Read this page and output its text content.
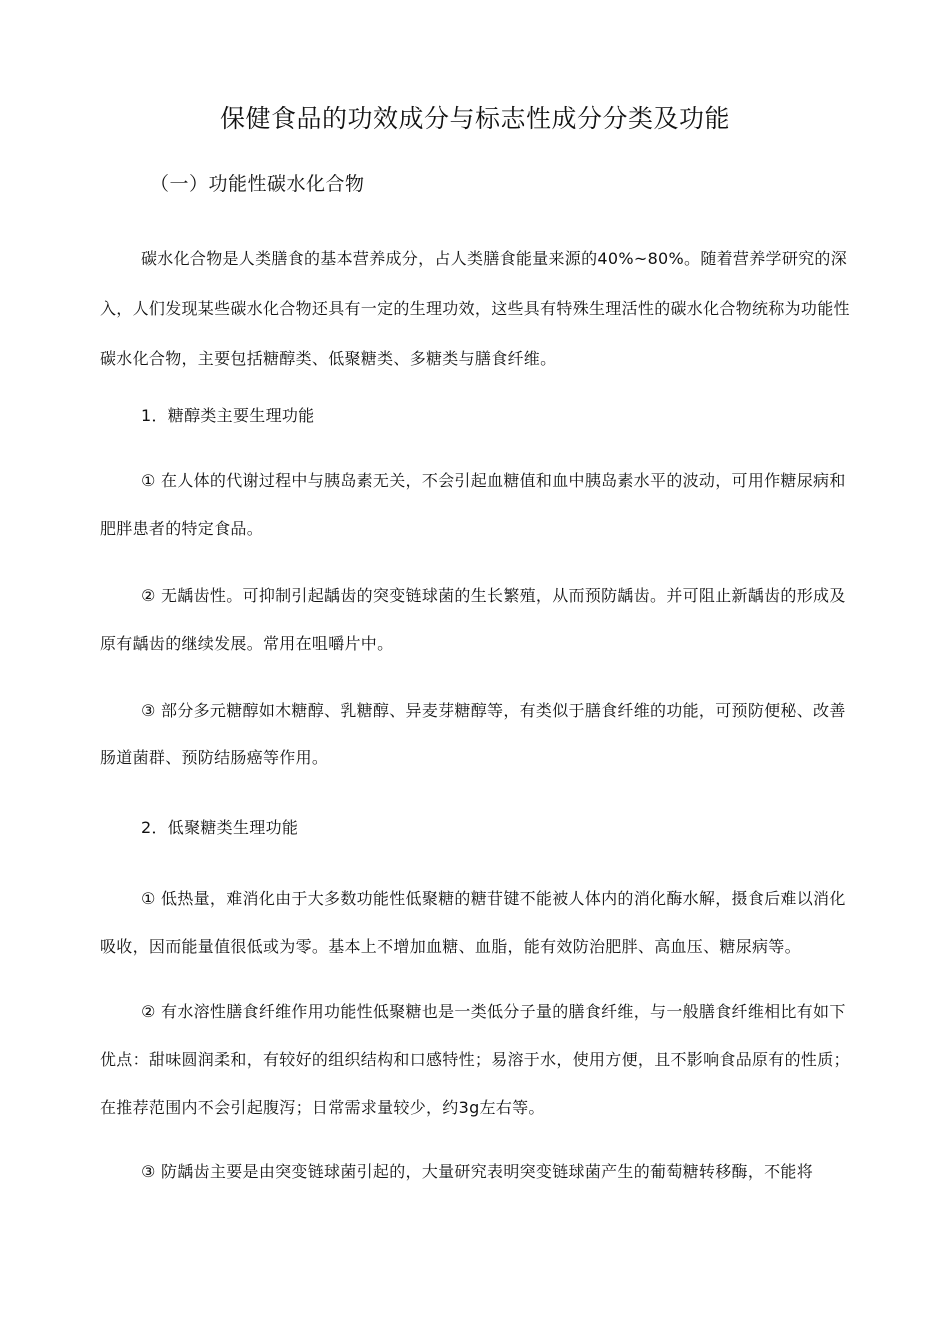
保健食品的功效成分与标志性成分分类及功能
（一）功能性碳水化合物

碳水化合物是人类膳食的基本营养成分，占人类膳食能量来源的40%~80%。随着营养学研究的深入，人们发现某些碳水化合物还具有一定的生理功效，这些具有特殊生理活性的碳水化合物统称为功能性碳水化合物，主要包括糖醇类、低聚糖类、多糖类与膳食纤维。

1．糖醇类主要生理功能

① 在人体的代谢过程中与胰岛素无关，不会引起血糖值和血中胰岛素水平的波动，可用作糖尿病和肥胖患者的特定食品。

② 无龋齿性。可抑制引起龋齿的突变链球菌的生长繁殖，从而预防龋齿。并可阻止新龋齿的形成及原有龋齿的继续发展。常用在咀嚼片中。

③ 部分多元糖醇如木糖醇、乳糖醇、异麦芽糖醇等，有类似于膳食纤维的功能，可预防便秘、改善肠道菌群、预防结肠癌等作用。

2．低聚糖类生理功能

① 低热量，难消化由于大多数功能性低聚糖的糖苷键不能被人体内的消化酶水解，摄食后难以消化吸收，因而能量值很低或为零。基本上不增加血糖、血脂，能有效防治肥胖、高血压、糖尿病等。

② 有水溶性膳食纤维作用功能性低聚糖也是一类低分子量的膳食纤维，与一般膳食纤维相比有如下优点：甜味圆润柔和，有较好的组织结构和口感特性；易溶于水，使用方便，且不影响食品原有的性质；在推荐范围内不会引起腹泻；日常需求量较少，约3g左右等。

③ 防龋齿主要是由突变链球菌引起的，大量研究表明突变链球菌产生的葡萄糖转移酶，不能将
